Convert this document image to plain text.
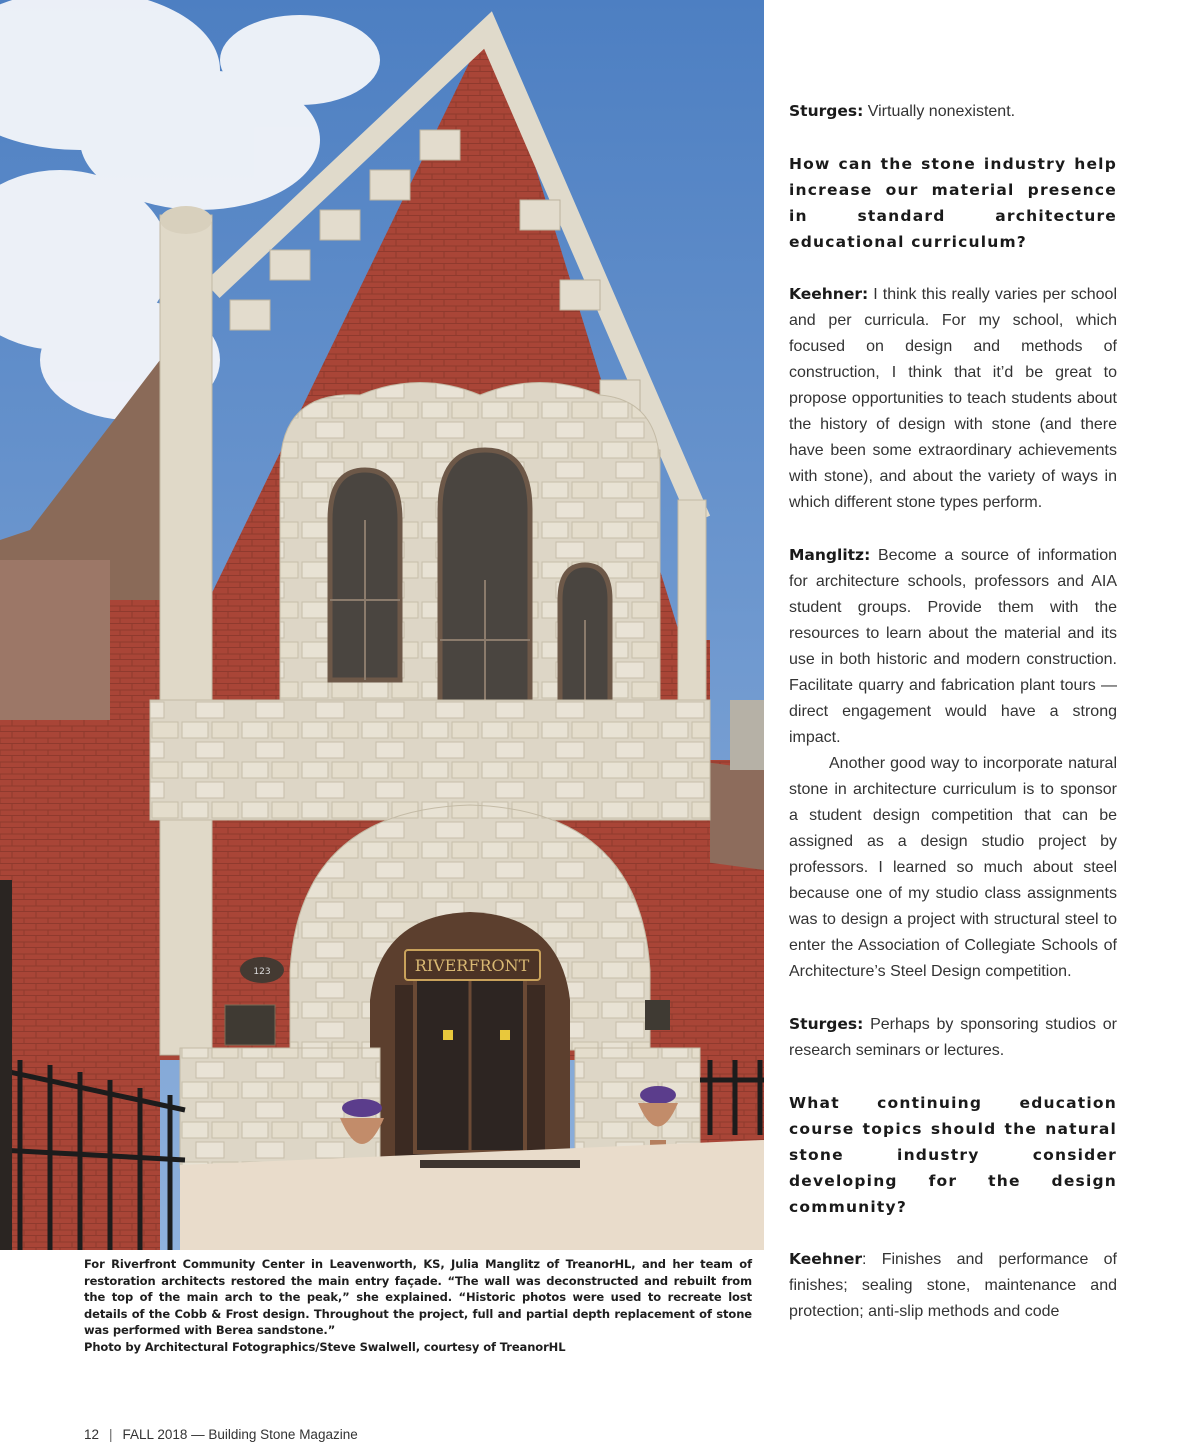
RIVERFRONT
123

For Riverfront Community Center in Leavenworth, KS, Julia Manglitz of TreanorHL, and her team of restoration architects restored the main entry façade. “The wall was deconstructed and rebuilt from the top of the main arch to the peak,” she explained. “Historic photos were used to recreate lost details of the Cobb & Frost design. Throughout the project, full and partial depth replacement of stone was performed with Berea sandstone.”

Photo by Architectural Fotographics/Steve Swalwell, courtesy of TreanorHL

12 | FALL 2018 — Building Stone Magazine

Sturges: Virtually nonexistent.

How can the stone industry help increase our material presence in standard architecture educational curriculum?

Keehner: I think this really varies per school and per curricula. For my school, which focused on design and methods of construction, I think that it’d be great to propose opportunities to teach students about the history of design with stone (and there have been some extraordinary achievements with stone), and about the variety of ways in which different stone types perform.

Manglitz: Become a source of information for architecture schools, professors and AIA student groups. Provide them with the resources to learn about the material and its use in both historic and modern construction. Facilitate quarry and fabrication plant tours — direct engagement would have a strong impact.

Another good way to incorporate natural stone in architecture curriculum is to sponsor a student design competition that can be assigned as a design studio project by professors. I learned so much about steel because one of my studio class assignments was to design a project with structural steel to enter the Association of Collegiate Schools of Architecture’s Steel Design competition.

Sturges: Perhaps by sponsoring studios or research seminars or lectures.

What continuing education course topics should the natural stone industry consider developing for the design community?

Keehner: Finishes and performance of finishes; sealing stone, maintenance and protection; anti-slip methods and code
